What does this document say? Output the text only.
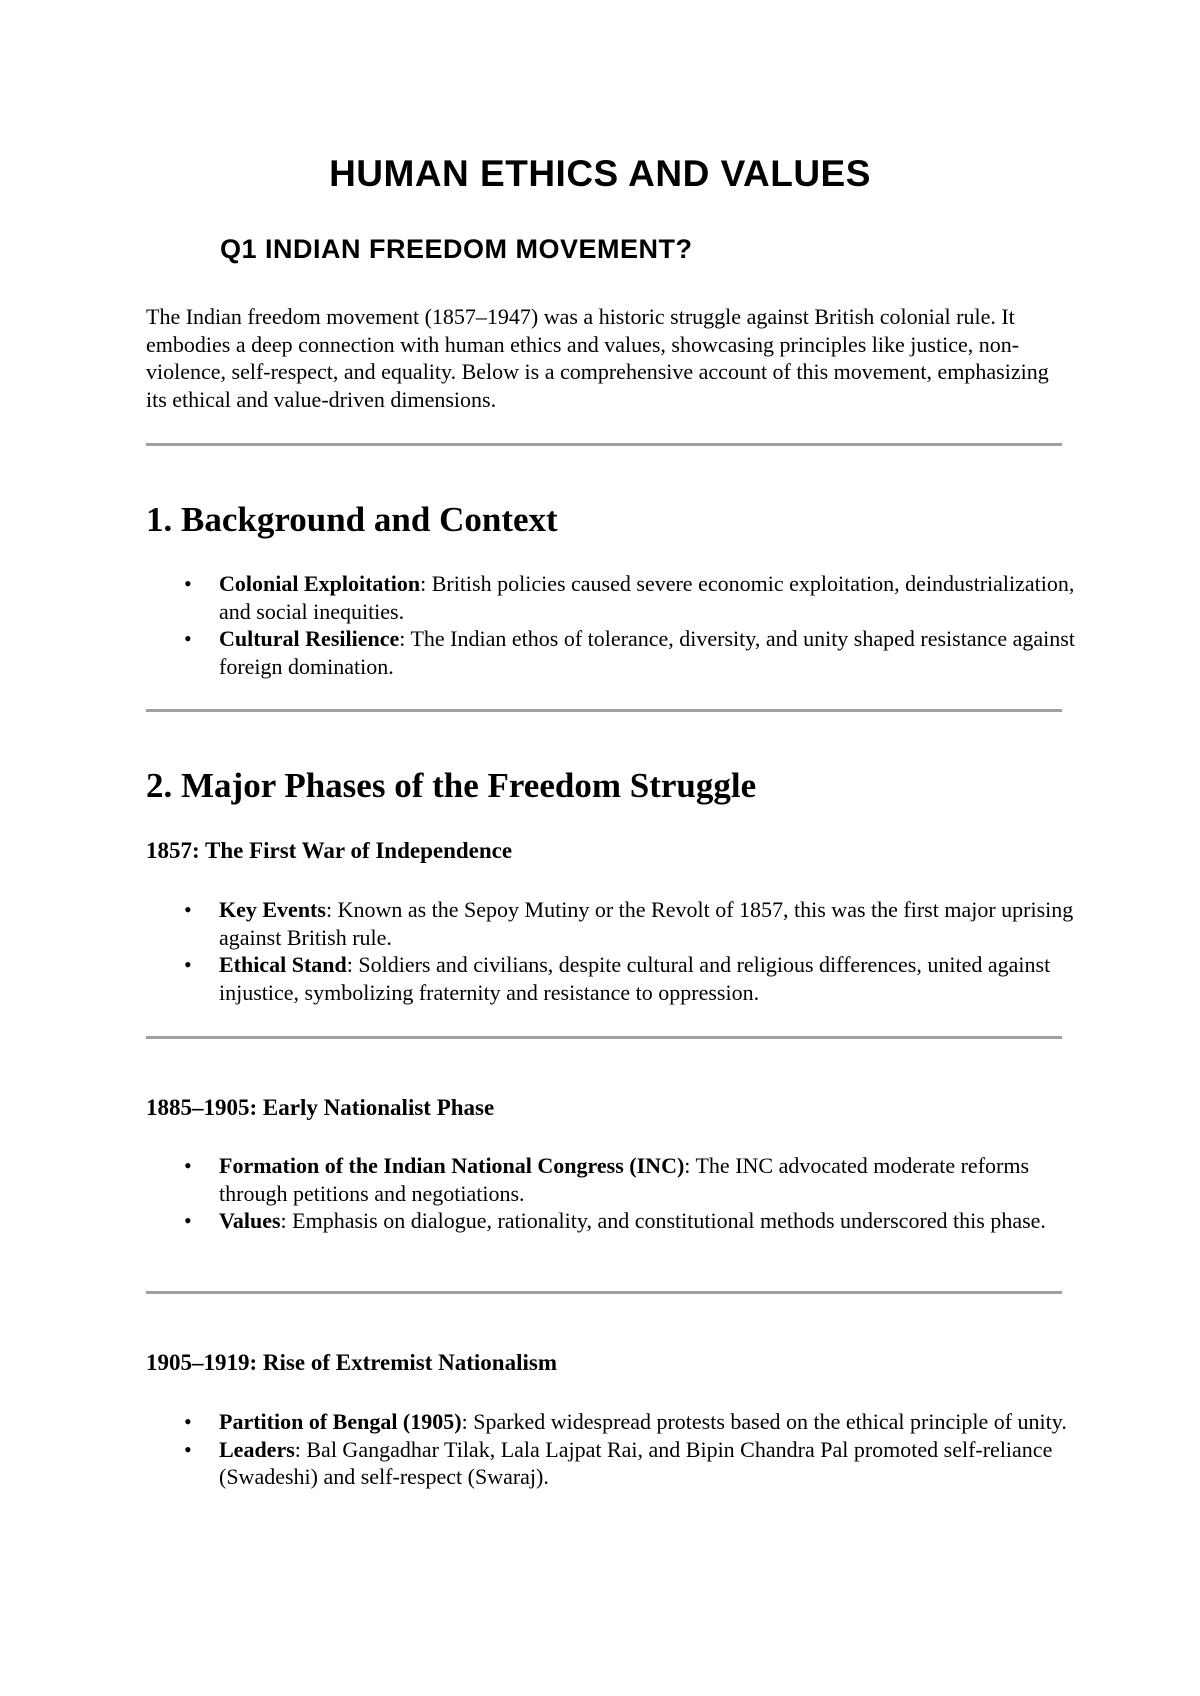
HUMAN ETHICS AND VALUES
Q1 INDIAN FREEDOM MOVEMENT?

The Indian freedom movement (1857–1947) was a historic struggle against British colonial rule. It embodies a deep connection with human ethics and values, showcasing principles like justice, non-violence, self-respect, and equality. Below is a comprehensive account of this movement, emphasizing its ethical and value-driven dimensions.

1. Background and Context
• Colonial Exploitation: British policies caused severe economic exploitation, deindustrialization, and social inequities.
• Cultural Resilience: The Indian ethos of tolerance, diversity, and unity shaped resistance against foreign domination.
2. Major Phases of the Freedom Struggle
1857: The First War of Independence
• Key Events: Known as the Sepoy Mutiny or the Revolt of 1857, this was the first major uprising against British rule.
• Ethical Stand: Soldiers and civilians, despite cultural and religious differences, united against injustice, symbolizing fraternity and resistance to oppression.
1885–1905: Early Nationalist Phase
• Formation of the Indian National Congress (INC): The INC advocated moderate reforms through petitions and negotiations.
• Values: Emphasis on dialogue, rationality, and constitutional methods underscored this phase.
1905–1919: Rise of Extremist Nationalism
• Partition of Bengal (1905): Sparked widespread protests based on the ethical principle of unity.
• Leaders: Bal Gangadhar Tilak, Lala Lajpat Rai, and Bipin Chandra Pal promoted self-reliance (Swadeshi) and self-respect (Swaraj).
